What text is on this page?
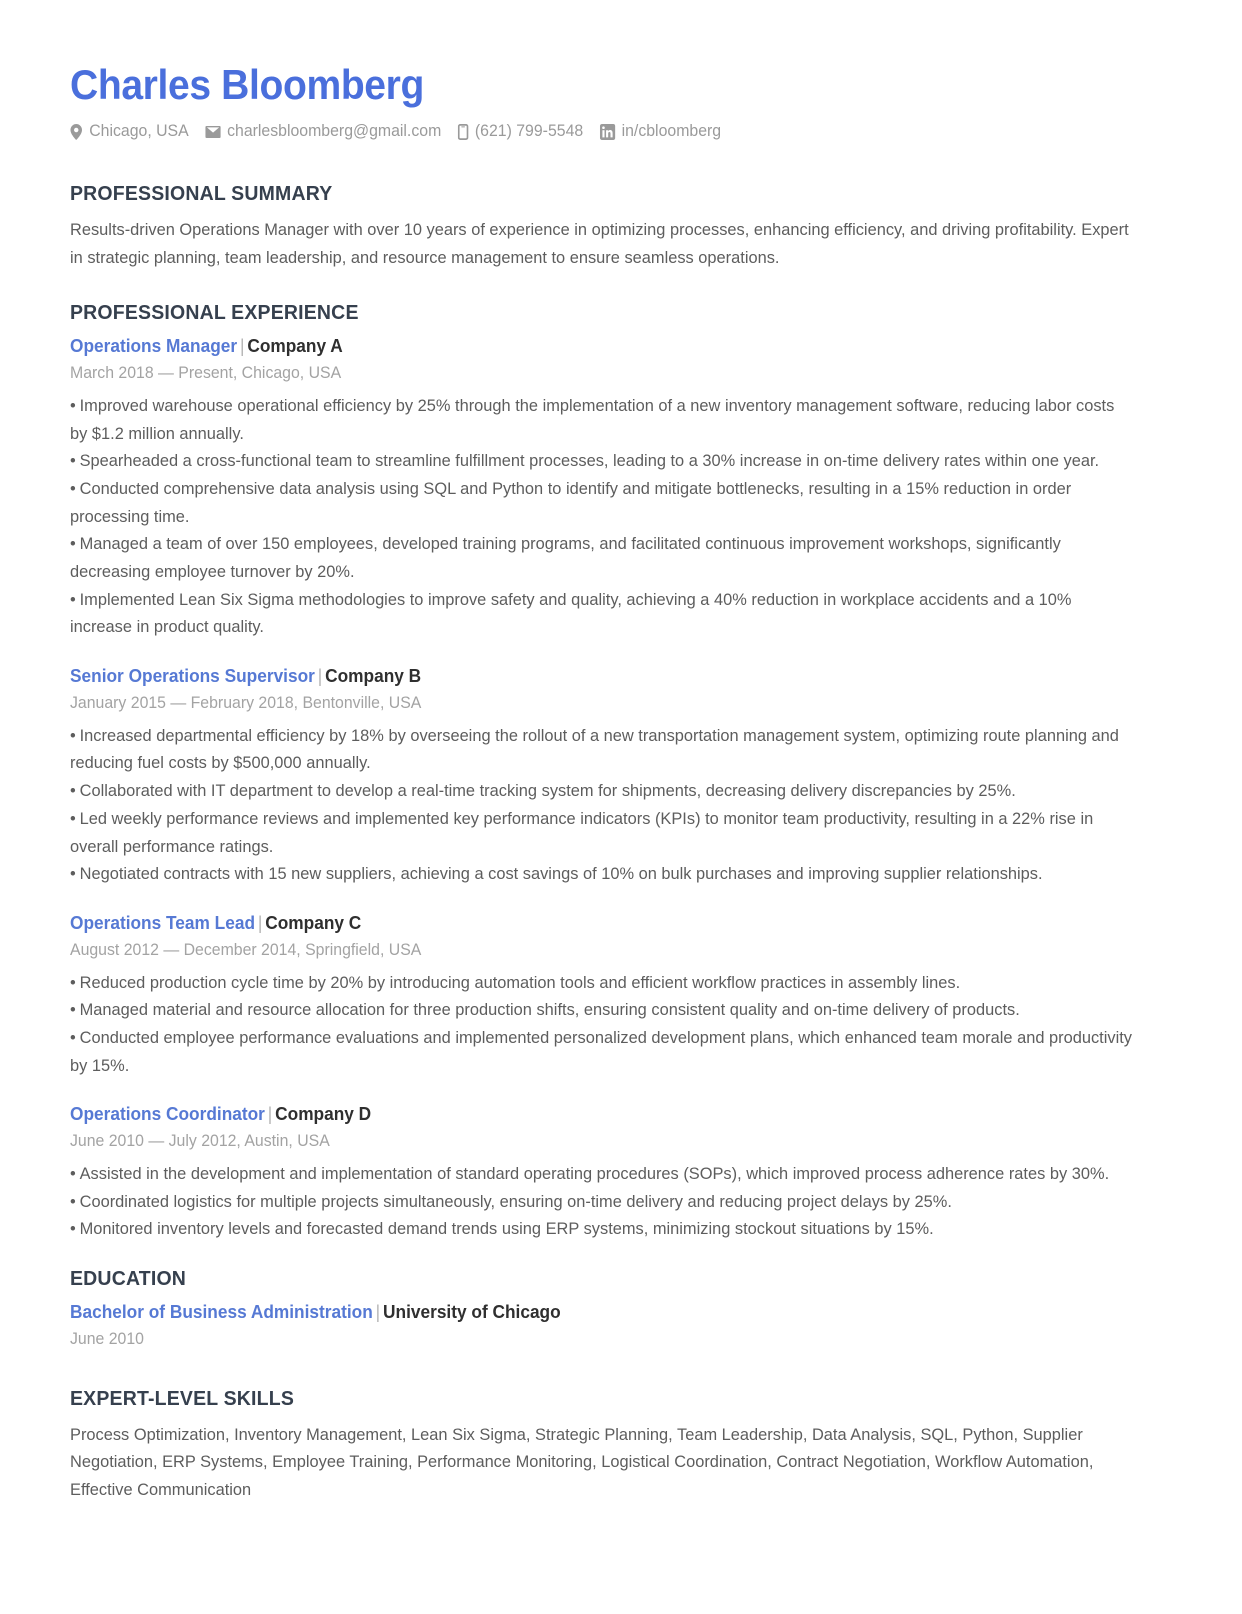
Charles Bloomberg
Chicago, USA charlesbloomberg@gmail.com (621) 799-5548 in/cbloomberg
PROFESSIONAL SUMMARY

Results-driven Operations Manager with over 10 years of experience in optimizing processes, enhancing efficiency, and driving profitability. Expert in strategic planning, team leadership, and resource management to ensure seamless operations.

PROFESSIONAL EXPERIENCE
Operations Manager | Company A
March 2018 — Present, Chicago, USA

• Improved warehouse operational efficiency by 25% through the implementation of a new inventory management software, reducing labor costs by $1.2 million annually.

• Spearheaded a cross-functional team to streamline fulfillment processes, leading to a 30% increase in on-time delivery rates within one year.

• Conducted comprehensive data analysis using SQL and Python to identify and mitigate bottlenecks, resulting in a 15% reduction in order processing time.

• Managed a team of over 150 employees, developed training programs, and facilitated continuous improvement workshops, significantly decreasing employee turnover by 20%.

• Implemented Lean Six Sigma methodologies to improve safety and quality, achieving a 40% reduction in workplace accidents and a 10% increase in product quality.

Senior Operations Supervisor | Company B
January 2015 — February 2018, Bentonville, USA

• Increased departmental efficiency by 18% by overseeing the rollout of a new transportation management system, optimizing route planning and reducing fuel costs by $500,000 annually.

• Collaborated with IT department to develop a real-time tracking system for shipments, decreasing delivery discrepancies by 25%.

• Led weekly performance reviews and implemented key performance indicators (KPIs) to monitor team productivity, resulting in a 22% rise in overall performance ratings.

• Negotiated contracts with 15 new suppliers, achieving a cost savings of 10% on bulk purchases and improving supplier relationships.

Operations Team Lead | Company C
August 2012 — December 2014, Springfield, USA

• Reduced production cycle time by 20% by introducing automation tools and efficient workflow practices in assembly lines.

• Managed material and resource allocation for three production shifts, ensuring consistent quality and on-time delivery of products.

• Conducted employee performance evaluations and implemented personalized development plans, which enhanced team morale and productivity by 15%.

Operations Coordinator | Company D
June 2010 — July 2012, Austin, USA

• Assisted in the development and implementation of standard operating procedures (SOPs), which improved process adherence rates by 30%.

• Coordinated logistics for multiple projects simultaneously, ensuring on-time delivery and reducing project delays by 25%.

• Monitored inventory levels and forecasted demand trends using ERP systems, minimizing stockout situations by 15%.

EDUCATION
Bachelor of Business Administration | University of Chicago
June 2010
EXPERT-LEVEL SKILLS

Process Optimization, Inventory Management, Lean Six Sigma, Strategic Planning, Team Leadership, Data Analysis, SQL, Python, Supplier Negotiation, ERP Systems, Employee Training, Performance Monitoring, Logistical Coordination, Contract Negotiation, Workflow Automation, Effective Communication
